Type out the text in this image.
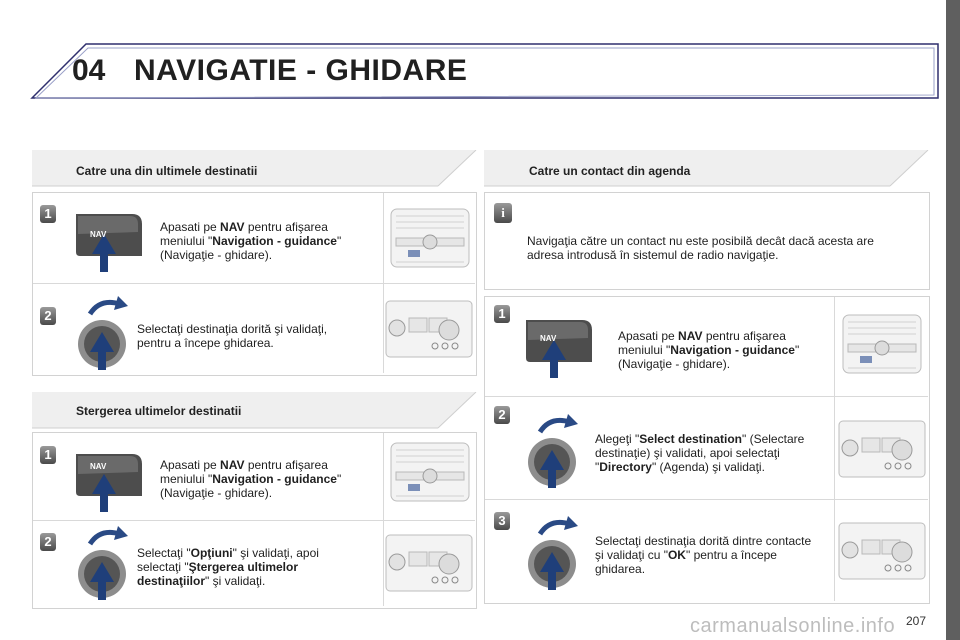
04 NAVIGATIE - GHIDARE
Catre una din ultimele destinatii
1
NAV
Apasati pe NAV pentru afişarea
meniului "Navigation - guidance"
(Navigaţie - ghidare).
2
Selectaţi destinaţia dorită şi validaţi,
pentru a începe ghidarea.
Stergerea ultimelor destinatii
1
NAV	Apasati pe NAV pentru afişarea
meniului "Navigation - guidance"
(Navigaţie - ghidare).
2
Selectaţi "Opţiuni" şi validaţi, apoi
selectaţi "Ştergerea ultimelor
destinaţiilor" şi validaţi.
Catre un contact din agenda
i
Navigaţia către un contact nu este posibilă decât dacă acesta are
adresa introdusă în sistemul de radio navigaţie.
1
NAV	Apasati pe NAV pentru afişarea
meniului "Navigation - guidance"
(Navigaţie - ghidare).
2
Alegeţi "Select destination" (Selectare
destinaţie) şi validati, apoi selectaţi
"Directory" (Agenda) şi validaţi.
3
Selectaţi destinaţia dorită dintre contacte
şi validaţi cu "OK" pentru a începe
ghidarea.
207
carmanualsonline.info
